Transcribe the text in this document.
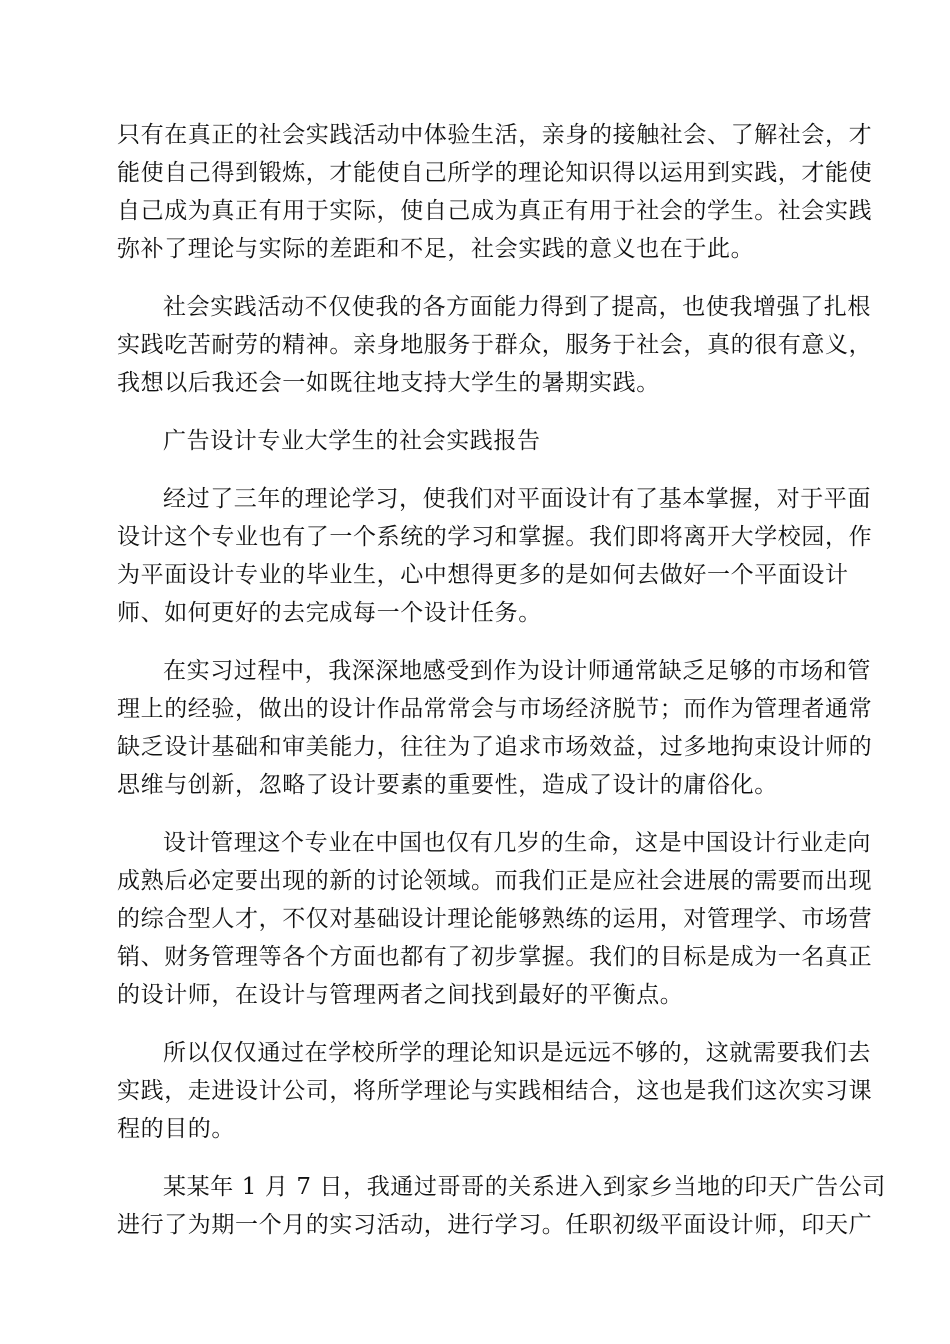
只有在真正的社会实践活动中体验生活，亲身的接触社会、了解社会，才
能使自己得到锻炼，才能使自己所学的理论知识得以运用到实践，才能使
自己成为真正有用于实际，使自己成为真正有用于社会的学生。社会实践
弥补了理论与实际的差距和不足，社会实践的意义也在于此。
社会实践活动不仅使我的各方面能力得到了提高，也使我增强了扎根
实践吃苦耐劳的精神。亲身地服务于群众，服务于社会，真的很有意义，
我想以后我还会一如既往地支持大学生的暑期实践。
广告设计专业大学生的社会实践报告
经过了三年的理论学习，使我们对平面设计有了基本掌握，对于平面
设计这个专业也有了一个系统的学习和掌握。我们即将离开大学校园，作
为平面设计专业的毕业生，心中想得更多的是如何去做好一个平面设计
师、如何更好的去完成每一个设计任务。
在实习过程中，我深深地感受到作为设计师通常缺乏足够的市场和管
理上的经验，做出的设计作品常常会与市场经济脱节；而作为管理者通常
缺乏设计基础和审美能力，往往为了追求市场效益，过多地拘束设计师的
思维与创新，忽略了设计要素的重要性，造成了设计的庸俗化。
设计管理这个专业在中国也仅有几岁的生命，这是中国设计行业走向
成熟后必定要出现的新的讨论领域。而我们正是应社会进展的需要而出现
的综合型人才，不仅对基础设计理论能够熟练的运用，对管理学、市场营
销、财务管理等各个方面也都有了初步掌握。我们的目标是成为一名真正
的设计师，在设计与管理两者之间找到最好的平衡点。
所以仅仅通过在学校所学的理论知识是远远不够的，这就需要我们去
实践，走进设计公司，将所学理论与实践相结合，这也是我们这次实习课
程的目的。
某某年 1 月 7 日，我通过哥哥的关系进入到家乡当地的印天广告公司
进行了为期一个月的实习活动，进行学习。任职初级平面设计师，印天广
